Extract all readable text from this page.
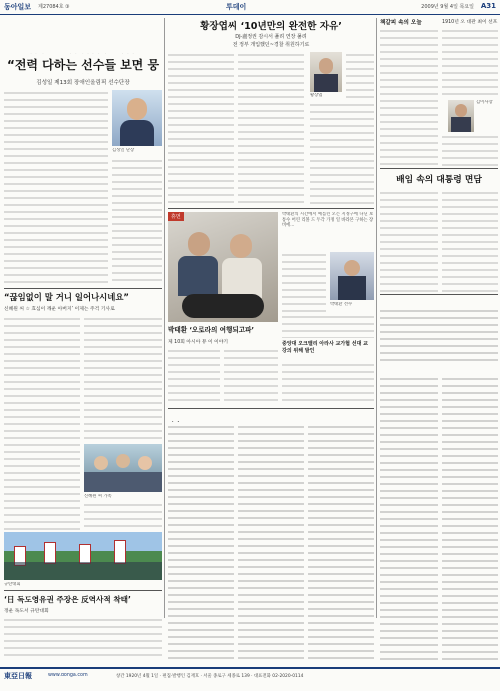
동아일보 제27084호 ③	투데이	2009년 9월 4일 목요일 A31
“전력 다하는 선수들 보면 뭉
김성일 제13회 장애인올림픽 선수단장
김성일 단장
“끊임없이 말 거니 일어나시네요”
신혜원 씨 ☆ 효심이 깨운 아버지’ 이제는 주걱 기사로
신혜원 씨 가족
규탄대회
‘日 독도영유권 주장은 反역사적 착태’
정운 독도서 규탄대회
황장엽씨 ‘10년만의 완전한 자유’
DJ-盧정권 감시서 풀려 연장 풀려
전 정부 개입했던~경찰 취원하기로
황장엽
휴먼
박태환 ‘오로라의 여행되고파’
박태환의 시간에서 예를린 오는 지정구에 다닌 보통수 어린 리볼 드 두각 가정 일 바라본 구하는 장비에...
박태환 선수
제 10회 아시아 뮤 이 이야기	중앙대 오크밸리 아라사 교가협 선대 교 강의 위해 발인
책갈피 속의 오늘	1910년 오 대관 최이 선포
김이사장
배임 속의 대통령 면담
東亞日報	www.donga.com	창간 1920년 4월 1일 · 편집·발행인 김재호 · 서울 종로구 세종로 139 · 대표전화 02-2020-0114
